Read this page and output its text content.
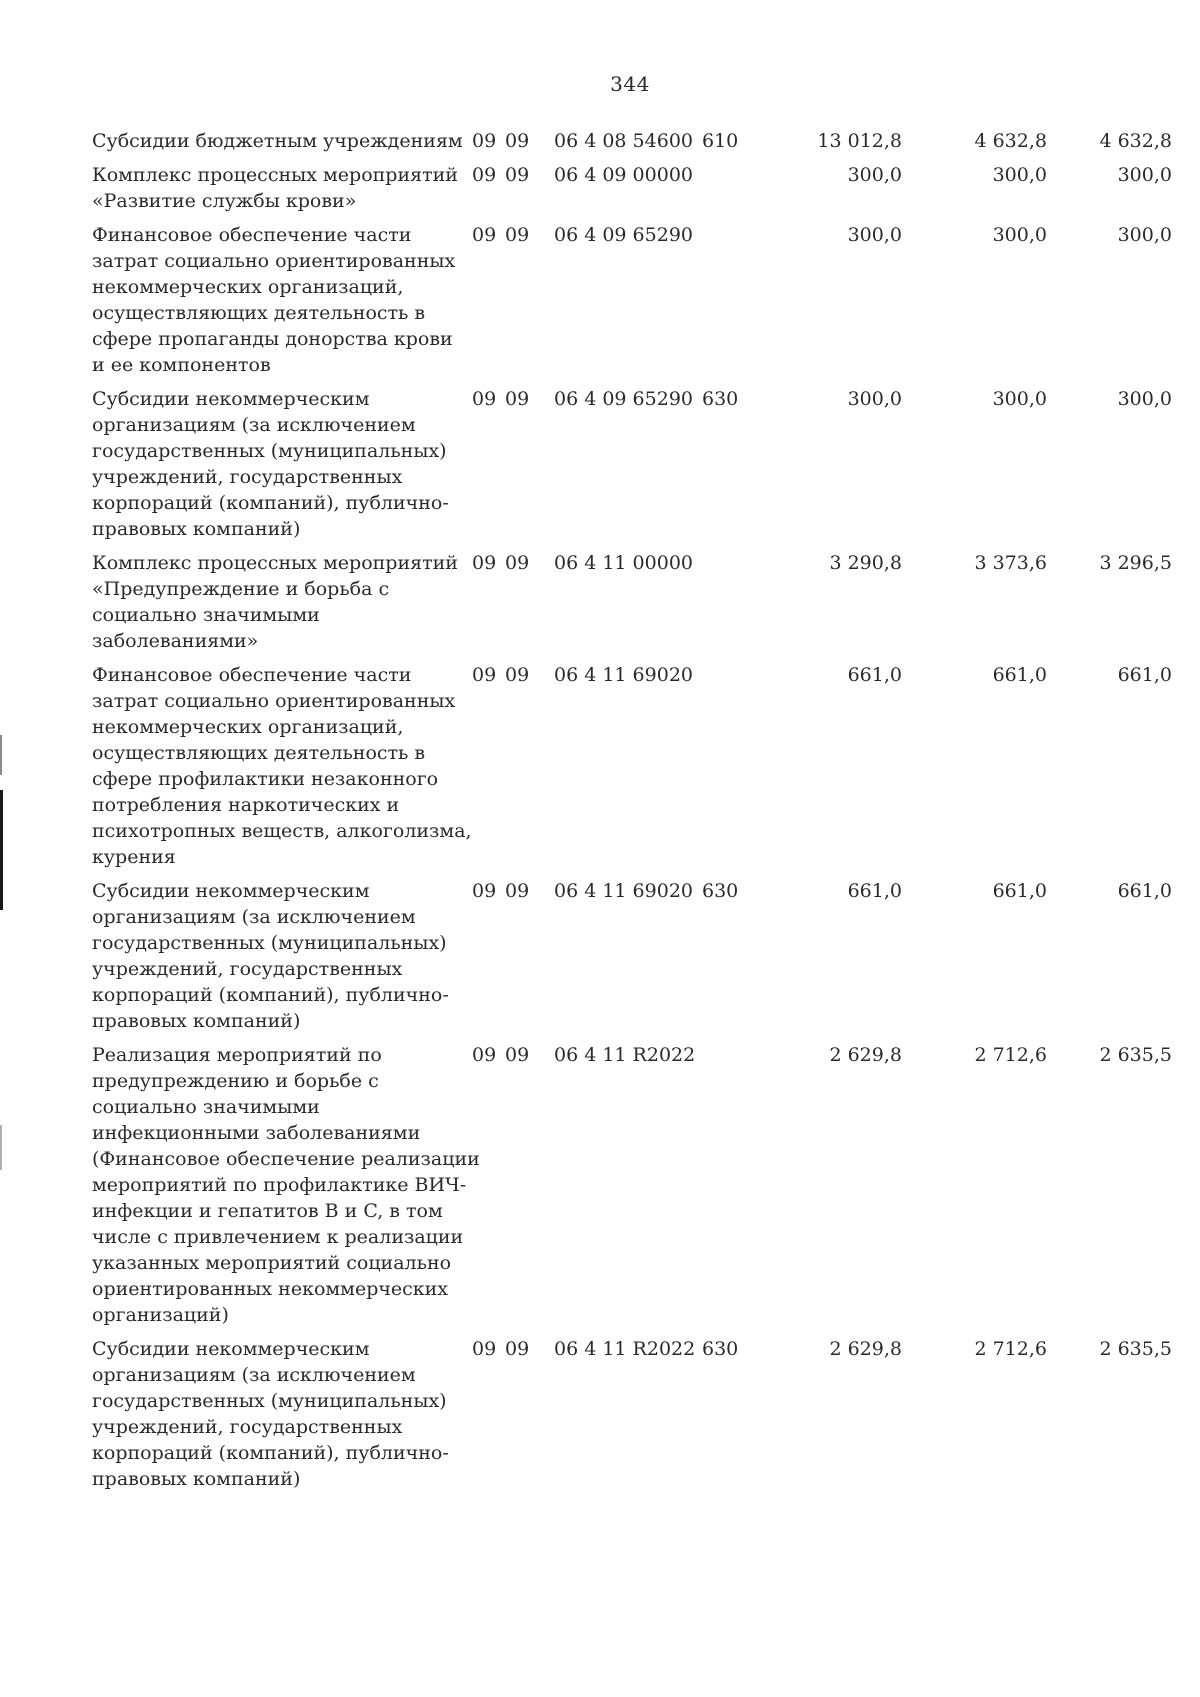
344
Субсидии бюджетным учреждениям 09 09 06 4 08 54600 610	13 012,8	4 632,8	4 632,8
Комплекс процессных мероприятий
«Развитие службы крови»
09 09 06 4 09 00000	300,0	300,0	300,0
Финансовое обеспечение части
затрат социально ориентированных
некоммерческих организаций,
осуществляющих деятельность в
сфере пропаганды донорства крови
и ее компонентов
09 09 06 4 09 65290	300,0	300,0	300,0
Субсидии некоммерческим
организациям (за исключением
государственных (муниципальных)
учреждений, государственных
корпораций (компаний), публично-
правовых компаний)
09 09 06 4 09 65290 630	300,0	300,0	300,0
Комплекс процессных мероприятий
«Предупреждение и борьба с
социально значимыми
заболеваниями»
09 09 06 4 11 00000	3 290,8	3 373,6	3 296,5
Финансовое обеспечение части
затрат социально ориентированных
некоммерческих организаций,
осуществляющих деятельность в
сфере профилактики незаконного
потребления наркотических и
психотропных веществ, алкоголизма,
курения
09 09 06 4 11 69020	661,0	661,0	661,0
Субсидии некоммерческим
организациям (за исключением
государственных (муниципальных)
учреждений, государственных
корпораций (компаний), публично-
правовых компаний)
09 09 06 4 11 69020 630	661,0	661,0	661,0
Реализация мероприятий по
предупреждению и борьбе с
социально значимыми
инфекционными заболеваниями
(Финансовое обеспечение реализации
мероприятий по профилактике ВИЧ-
инфекции и гепатитов B и C, в том
числе с привлечением к реализации
указанных мероприятий социально
ориентированных некоммерческих
организаций)
09 09 06 4 11 R2022	2 629,8	2 712,6	2 635,5
Субсидии некоммерческим
организациям (за исключением
государственных (муниципальных)
учреждений, государственных
корпораций (компаний), публично-
правовых компаний)
09 09 06 4 11 R2022 630	2 629,8	2 712,6	2 635,5
